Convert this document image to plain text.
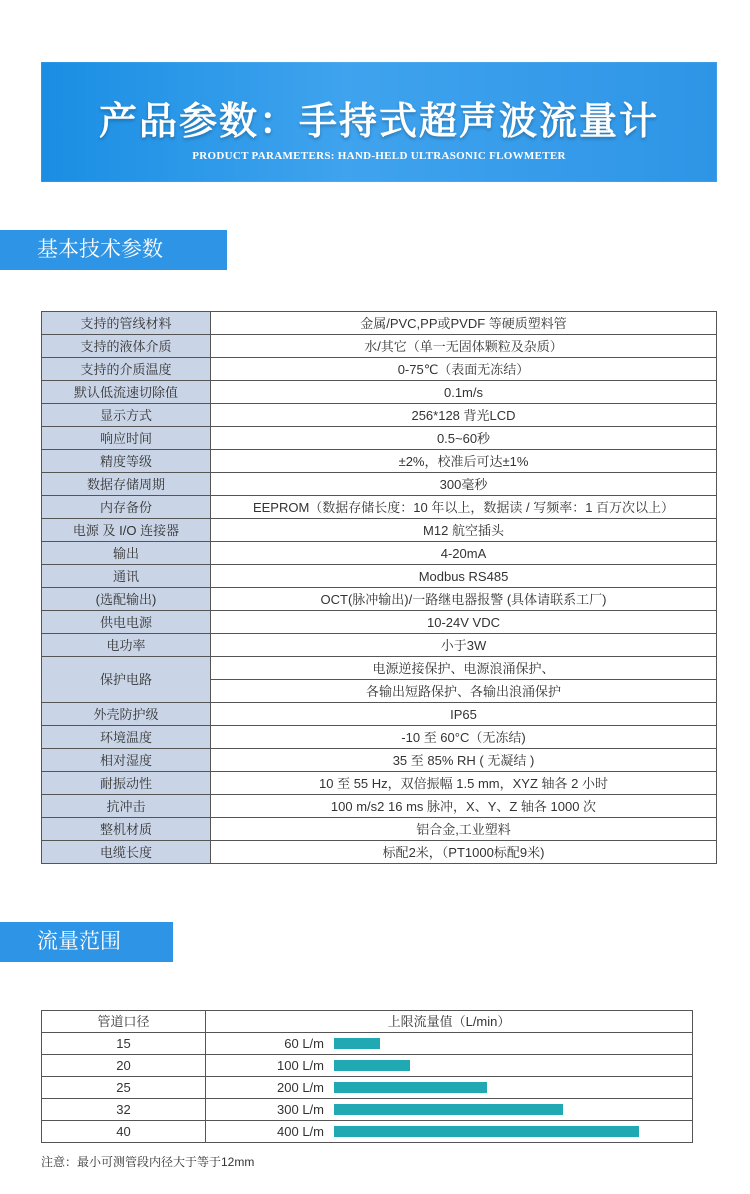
产品参数：手持式超声波流量计
PRODUCT PARAMETERS: HAND-HELD ULTRASONIC FLOWMETER
基本技术参数
支持的管线材料	金属/PVC,PP或PVDF 等硬质塑料管
支持的液体介质	水/其它（单一无固体颗粒及杂质）
支持的介质温度	0-75℃（表面无冻结）
默认低流速切除值	0.1m/s
显示方式	256*128 背光LCD
响应时间	0.5~60秒
精度等级	±2%，校准后可达±1%
数据存储周期	300毫秒
内存备份	EEPROM（数据存储长度：10 年以上，数据读 / 写频率：1 百万次以上）
电源 及 I/O 连接器	M12 航空插头
输出	4-20mA
通讯	Modbus RS485
(选配输出)	OCT(脉冲输出)/一路继电器报警 (具体请联系工厂)
供电电源	10-24V VDC
电功率	小于3W
保护电路	电源逆接保护、电源浪涌保护、
	各输出短路保护、各输出浪涌保护
外壳防护级	IP65
环境温度	-10 至 60°C（无冻结)
相对湿度	35 至 85% RH ( 无凝结 )
耐振动性	10 至 55 Hz，双倍振幅 1.5 mm，XYZ 轴各 2 小时
抗冲击	100 m/s2 16 ms 脉冲，X、Y、Z 轴各 1000 次
整机材质	铝合金,工业塑料
电缆长度	标配2米，（PT1000标配9米)
流量范围
管道口径	上限流量值（L/min）
15	60 L/m

20	100 L/m

25	200 L/m

32	300 L/m

40	400 L/m
注意：最小可测管段内径大于等于12mm
